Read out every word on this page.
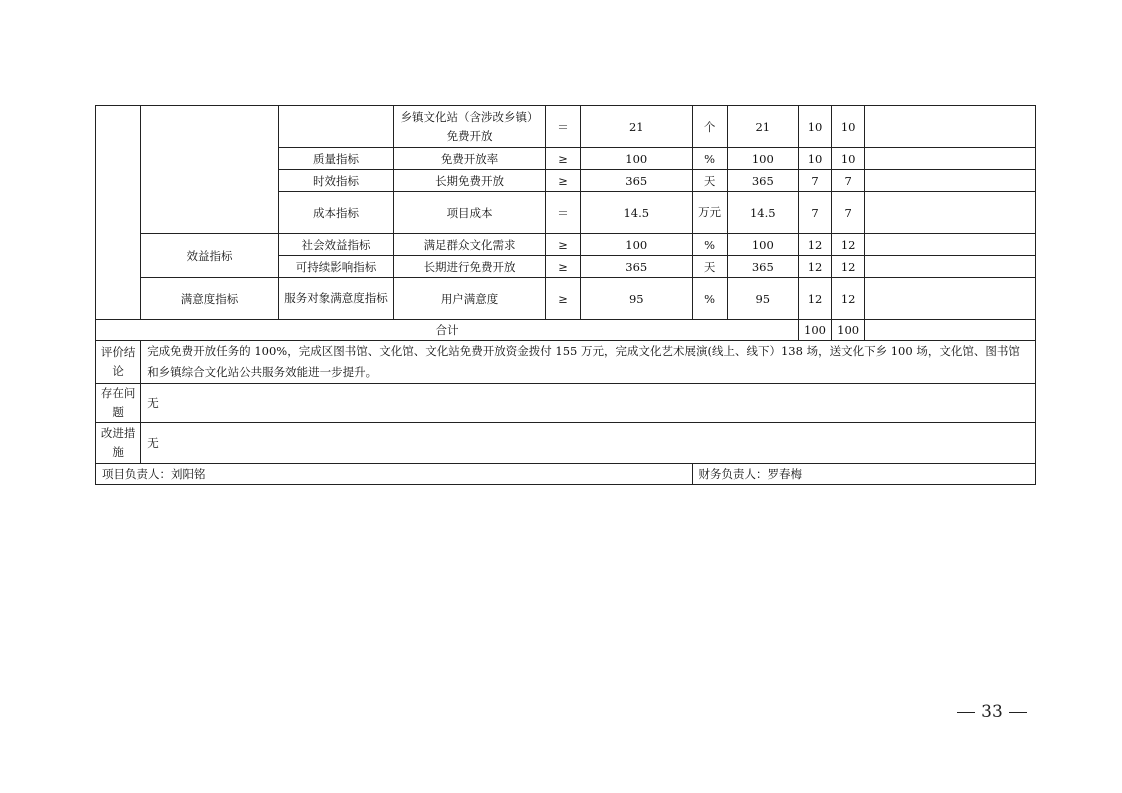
			乡镇文化站（含涉改乡镇）免费开放	＝	21	个	21	10	10	
		质量指标	免费开放率	≥	100	%	100	10	10	
		时效指标	长期免费开放	≥	365	天	365	7	7	
		成本指标	项目成本	＝	14.5	万元	14.5	7	7	
	效益指标	社会效益指标	满足群众文化需求	≥	100	%	100	12	12	
		可持续影响指标	长期进行免费开放	≥	365	天	365	12	12	
	满意度指标	服务对象满意度指标	用户满意度	≥	95	%	95	12	12	
合计								100	100	
评价结论	完成免费开放任务的 100%，完成区图书馆、文化馆、文化站免费开放资金拨付 155 万元，完成文化艺术展演(线上、线下）138 场，送文化下乡 100 场，文化馆、图书馆和乡镇综合文化站公共服务效能进一步提升。									
存在问题	无									
改进措施	无									
项目负责人：刘阳铭						财务负责人：罗春梅				
33
